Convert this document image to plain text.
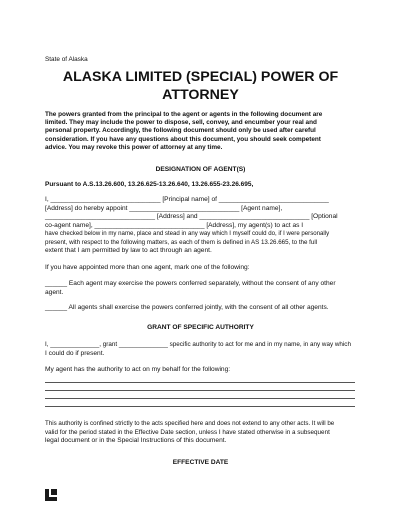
State of Alaska
ALASKA LIMITED (SPECIAL) POWER OF
ATTORNEY
The powers granted from the principal to the agent or agents in the following document are
limited. They may include the power to dispose, sell, convey, and encumber your real and
personal property. Accordingly, the following document should only be used after careful
consideration. If you have any questions about this document, you should seek competent
advice. You may revoke this power of attorney at any time.
DESIGNATION OF AGENT(S)
Pursuant to A.S.13.26.600, 13.26.625-13.26.640, 13.26.655-23.26.695,
I, ______________________________ [Principal name] of ______________________________
[Address] do hereby appoint ______________________________ [Agent name],
______________________________ [Address] and ______________________________ [Optional
co-agent name], ______________________________ [Address], my agent(s) to act as I
have checked below in my name, place and stead in any way which I myself could do, if I were personally
present, with respect to the following matters, as each of them is defined in AS 13.26.665, to the full
extent that I am permitted by law to act through an agent.
If you have appointed more than one agent, mark one of the following:
______ Each agent may exercise the powers conferred separately, without the consent of any other
agent.
______ All agents shall exercise the powers conferred jointly, with the consent of all other agents.
GRANT OF SPECIFIC AUTHORITY
I, ______________, grant ______________ specific authority to act for me and in my name, in any way which
I could do if present.
My agent has the authority to act on my behalf for the following:
This authority is confined strictly to the acts specified here and does not extend to any other acts. It will be
valid for the period stated in the Effective Date section, unless I have stated otherwise in a subsequent
legal document or in the Special Instructions of this document.
EFFECTIVE DATE
